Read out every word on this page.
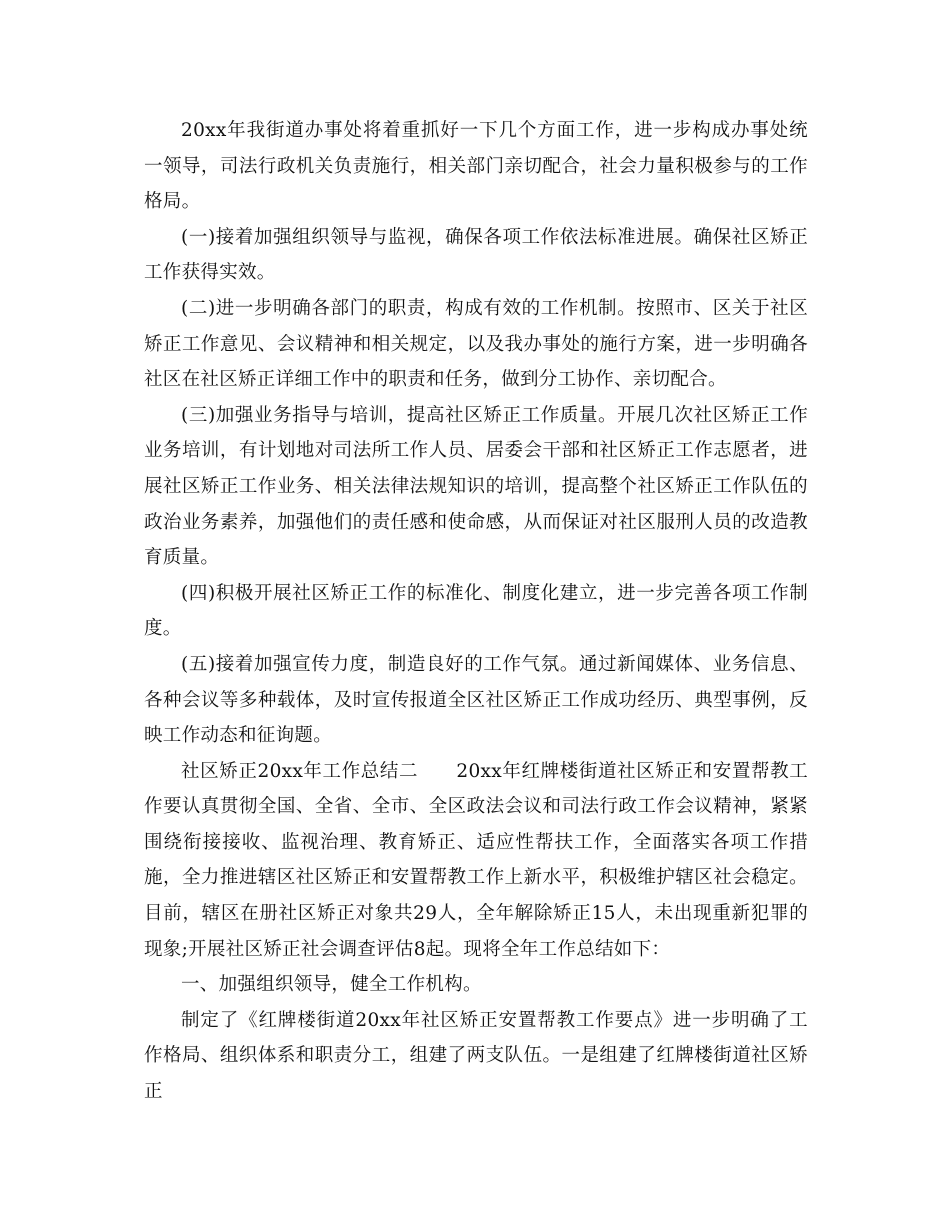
20xx年我街道办事处将着重抓好一下几个方面工作，进一步构成办事处统一领导，司法行政机关负责施行，相关部门亲切配合，社会力量积极参与的工作格局。

(一)接着加强组织领导与监视，确保各项工作依法标准进展。确保社区矫正工作获得实效。

(二)进一步明确各部门的职责，构成有效的工作机制。按照市、区关于社区矫正工作意见、会议精神和相关规定，以及我办事处的施行方案，进一步明确各社区在社区矫正详细工作中的职责和任务，做到分工协作、亲切配合。

(三)加强业务指导与培训，提高社区矫正工作质量。开展几次社区矫正工作业务培训，有计划地对司法所工作人员、居委会干部和社区矫正工作志愿者，进展社区矫正工作业务、相关法律法规知识的培训，提高整个社区矫正工作队伍的政治业务素养，加强他们的责任感和使命感，从而保证对社区服刑人员的改造教育质量。

(四)积极开展社区矫正工作的标准化、制度化建立，进一步完善各项工作制度。

(五)接着加强宣传力度，制造良好的工作气氛。通过新闻媒体、业务信息、各种会议等多种载体，及时宣传报道全区社区矫正工作成功经历、典型事例，反映工作动态和征询题。

社区矫正20xx年工作总结二　　20xx年红牌楼街道社区矫正和安置帮教工作要认真贯彻全国、全省、全市、全区政法会议和司法行政工作会议精神，紧紧围绕衔接接收、监视治理、教育矫正、适应性帮扶工作，全面落实各项工作措施，全力推进辖区社区矫正和安置帮教工作上新水平，积极维护辖区社会稳定。目前，辖区在册社区矫正对象共29人，全年解除矫正15人，未出现重新犯罪的现象;开展社区矫正社会调查评估8起。现将全年工作总结如下：

一、加强组织领导，健全工作机构。

制定了《红牌楼街道20xx年社区矫正安置帮教工作要点》进一步明确了工作格局、组织体系和职责分工，组建了两支队伍。一是组建了红牌楼街道社区矫正
